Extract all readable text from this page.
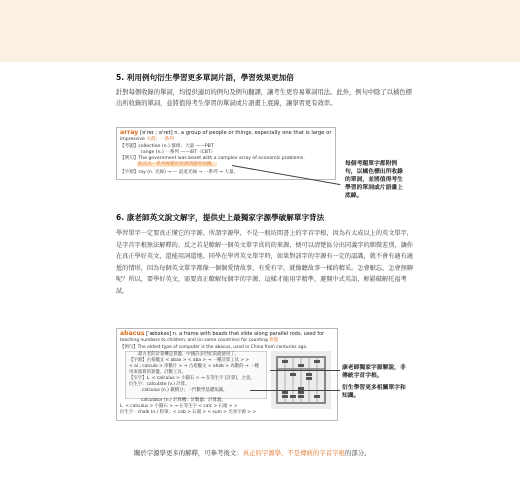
5. 利用例句衍生學習更多單詞片語，學習效果更加倍
針對每個收錄的單詞，均提供適切的例句及例句翻譯，讓考生更容易單詞用法。此外，例句中除了以橘色標出所收錄的單詞，並將值得考生學習的單詞或片語畫上底線，讓學習更有效率。
array [ə'reɪ ; ə'ret] n. a group of people or things, especially one that is large or
impressive 大群；一系列
【考題】collection (n.) 群組；大量 ——PBT
range (n.) 一系列 ——iBT（CBT）
【例句】The government was beset with a complex array of economic problems.
政府為一系列複雜的經濟問題所困擾。
【字源】ray (n. 光線) → — 道道光線 → 一系列 → 大量。
每個考題單字都附例句，以橘色標出所收錄的單詞，並將值得考生學習的單詞或片語畫上底線。
6. 康老師英文說文解字，提供史上最獨家字源學破解單字背法
學習單字一定要真正懂它的字源。所謂字源學，不是一般坊間書上的字首字根，因為有太成以上的英文單字，是字首字根無法解釋的。反之若是瞭解一個英文單字真的的來源，便可以清楚區分出同義字的細微差別，讓你在真正學好英文，還能用詞道地。同學在學習英文單字時，如果對該字的字源有一定的認識，就不會有適有適尬的情形，因為每個英文單字都像一個個愛情故事，有愛有字，就像聽故事一樣的精采。怎會厭忘，怎會無聊呢？所以，要學好英文，需要真正瞭解每個字的字源，這樣才能用字精準，避開中式英語，輕鬆破解托福考試。
abacus ['æbəkəs] n. a frame with beads that slide along parallel rods, used for
teaching numbers to children, and (in some countries) for counting 算盤
【例句】The oldest type of computer is the abacus, used in China from centuries ago.
最古老的計算機是算盤，中國許多世紀前就使用了。
【字源】古希臘文 < abax > < aba > → 一種計算工具 > >
< ai ; calculo > 串數片 > → 古希臘文 < ohab > 為數的 → 一種
用來演算的算盤，計數工具。
【引字】L. < calculus > 小圓石 > → 在等生字 [計算]，之意。
衍生字：calculate (v.) 計算。
calculus (n.) 微積分；一門數學基礎知識。
calculator (n.) 計算機；計數器；計算器。
L. < calculus > 小圓石 > → 在等生字 < calc > 石頭 > >
衍生字：chalk (n.) 粉筆；< cab > 石頭 > < sum > 光亮字源 > >
康老師獨家字源解說，非傳統字首字根。
衍生學習更多相關單字和知識。
關於字源學更多的解釋，可參考後文：真正的字源學，不是傳統的字首字根的部分。
